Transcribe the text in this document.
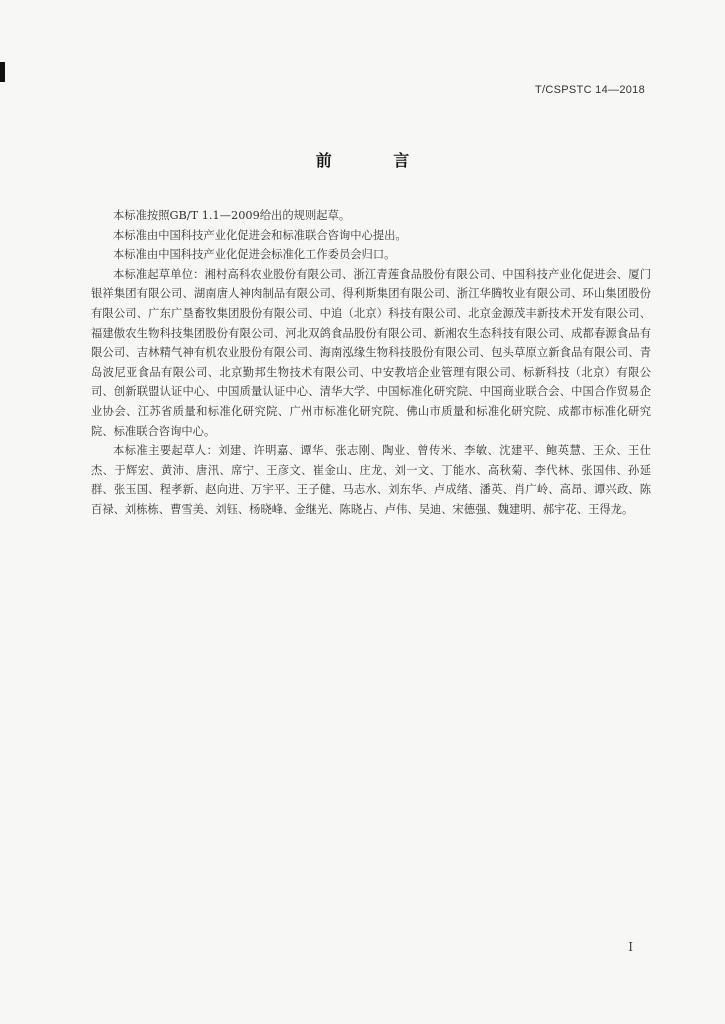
T/CSPSTC 14—2018
前 言

本标准按照GB/T 1.1—2009给出的规则起草。

本标准由中国科技产业化促进会和标准联合咨询中心提出。

本标准由中国科技产业化促进会标准化工作委员会归口。

本标准起草单位：湘村高科农业股份有限公司、浙江青莲食品股份有限公司、中国科技产业化促进会、厦门银祥集团有限公司、湖南唐人神肉制品有限公司、得利斯集团有限公司、浙江华腾牧业有限公司、环山集团股份有限公司、广东广垦畜牧集团股份有限公司、中追（北京）科技有限公司、北京金源茂丰新技术开发有限公司、福建傲农生物科技集团股份有限公司、河北双鸽食品股份有限公司、新湘农生态科技有限公司、成都春源食品有限公司、吉林精气神有机农业股份有限公司、海南泓缘生物科技股份有限公司、包头草原立新食品有限公司、青岛波尼亚食品有限公司、北京勤邦生物技术有限公司、中安教培企业管理有限公司、标新科技（北京）有限公司、创新联盟认证中心、中国质量认证中心、清华大学、中国标准化研究院、中国商业联合会、中国合作贸易企业协会、江苏省质量和标准化研究院、广州市标准化研究院、佛山市质量和标准化研究院、成都市标准化研究院、标准联合咨询中心。

本标准主要起草人：刘建、许明嘉、谭华、张志刚、陶业、曾传米、李敏、沈建平、鲍英慧、王众、王仕杰、于辉宏、黄沛、唐汛、席宁、王彦文、崔金山、庄龙、刘一文、丁能水、高秋菊、李代林、张国伟、孙延群、张玉国、程孝新、赵向进、万宇平、王子健、马志水、刘东华、卢成绪、潘英、肖广岭、高昂、谭兴政、陈百禄、刘栋栋、曹雪美、刘钰、杨晓峰、金继光、陈晓占、卢伟、吴迪、宋德强、魏建明、郝宇花、王得龙。

I
